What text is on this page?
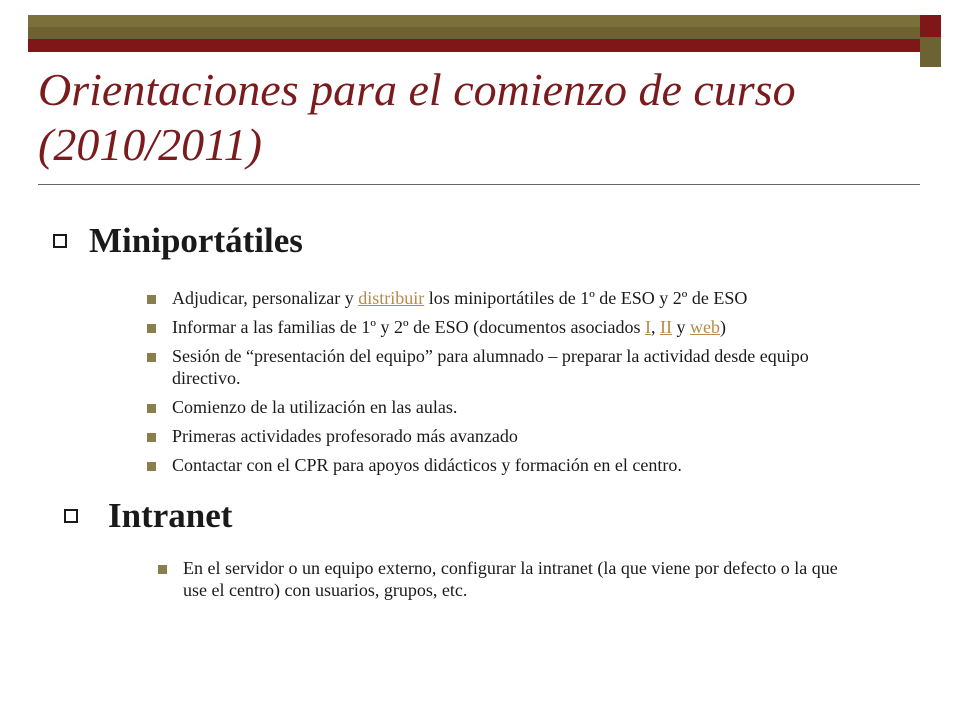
Orientaciones para el comienzo de curso
(2010/2011)
Miniportátiles
Adjudicar, personalizar y distribuir los miniportátiles de 1º de ESO y 2º de ESO
Informar a las familias de 1º y 2º de ESO (documentos asociados I, II y web)
Sesión de “presentación del equipo” para alumnado – preparar la actividad desde equipo directivo.
Comienzo de la utilización en las aulas.
Primeras actividades profesorado más avanzado
Contactar con el CPR para apoyos didácticos y formación en el centro.
Intranet
En el servidor o un equipo externo, configurar la intranet (la que viene por defecto o la que use el centro) con usuarios, grupos, etc.
